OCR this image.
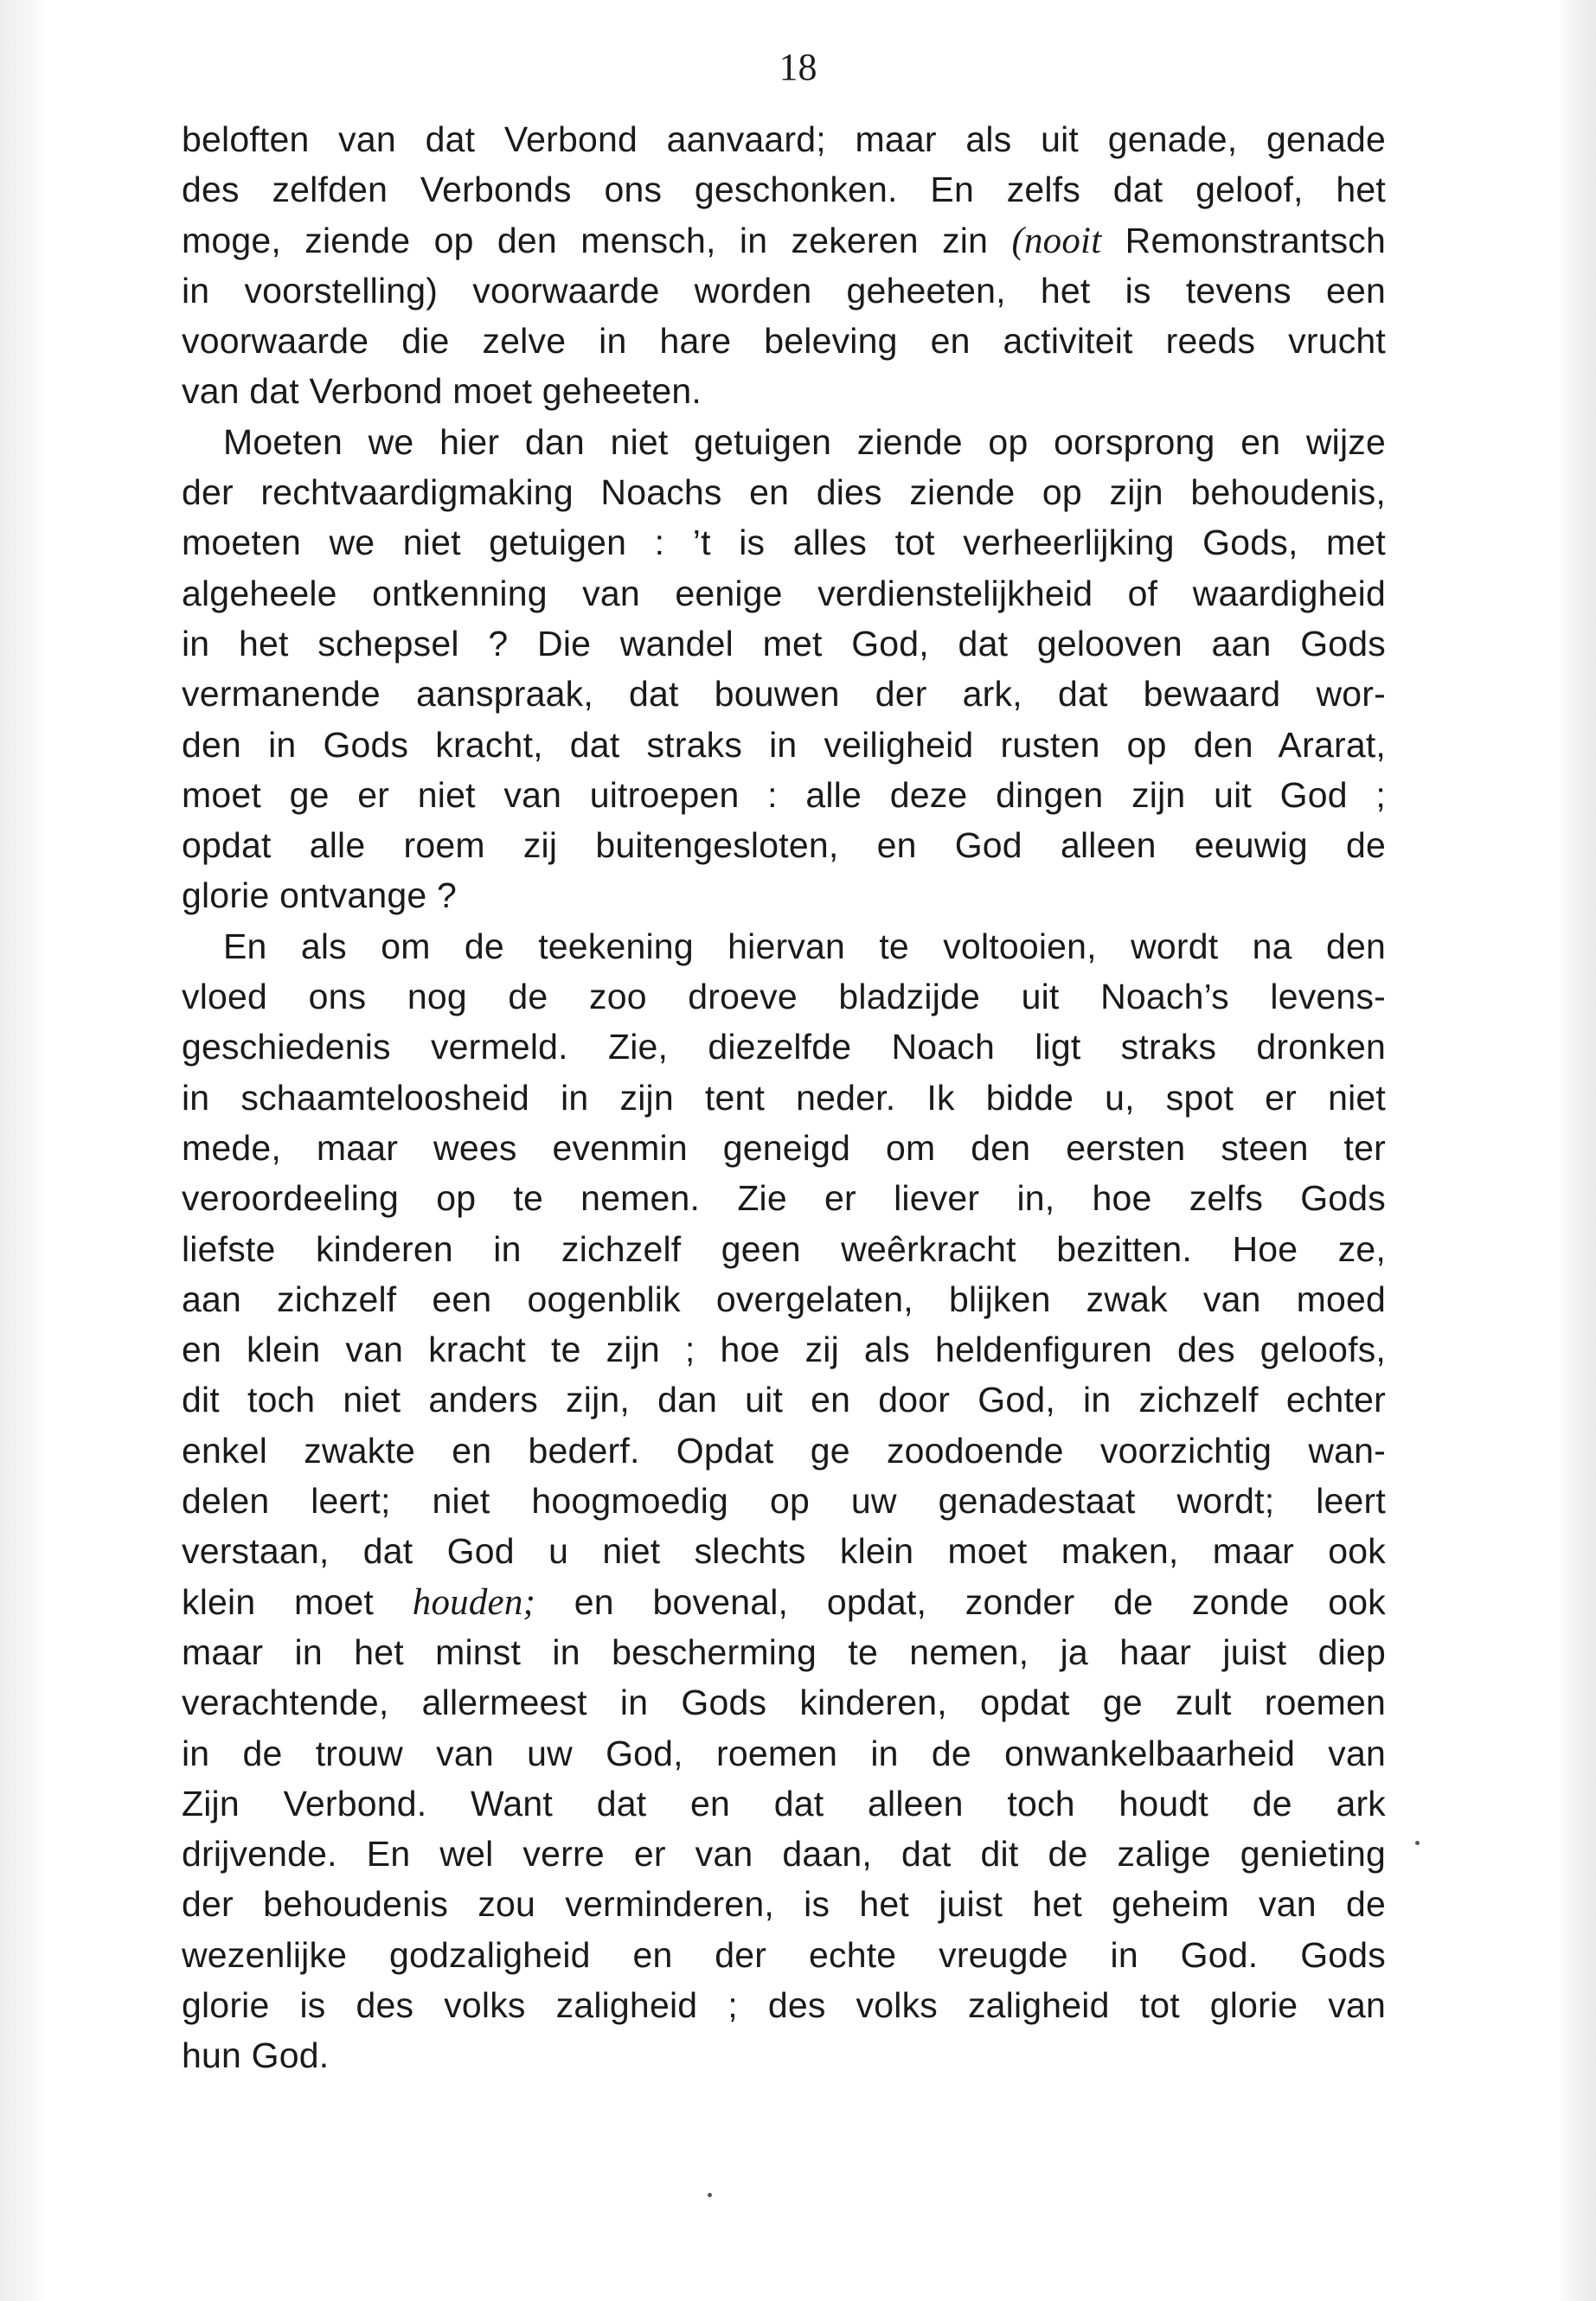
18
beloften van dat Verbond aanvaard; maar als uit genade, genade
des zelfden Verbonds ons geschonken. En zelfs dat geloof, het
moge, ziende op den mensch, in zekeren zin (nooit Remonstrantsch
in voorstelling) voorwaarde worden geheeten, het is tevens een
voorwaarde die zelve in hare beleving en activiteit reeds vrucht
van dat Verbond moet geheeten.
Moeten we hier dan niet getuigen ziende op oorsprong en wijze
der rechtvaardigmaking Noachs en dies ziende op zijn behoudenis,
moeten we niet getuigen : ’t is alles tot verheerlijking Gods, met
algeheele ontkenning van eenige verdienstelijkheid of waardigheid
in het schepsel ? Die wandel met God, dat gelooven aan Gods
vermanende aanspraak, dat bouwen der ark, dat bewaard wor-
den in Gods kracht, dat straks in veiligheid rusten op den Ararat,
moet ge er niet van uitroepen : alle deze dingen zijn uit God ;
opdat alle roem zij buitengesloten, en God alleen eeuwig de
glorie ontvange ?
En als om de teekening hiervan te voltooien, wordt na den
vloed ons nog de zoo droeve bladzijde uit Noach’s levens-
geschiedenis vermeld. Zie, diezelfde Noach ligt straks dronken
in schaamteloosheid in zijn tent neder. Ik bidde u, spot er niet
mede, maar wees evenmin geneigd om den eersten steen ter
veroordeeling op te nemen. Zie er liever in, hoe zelfs Gods
liefste kinderen in zichzelf geen weêrkracht bezitten. Hoe ze,
aan zichzelf een oogenblik overgelaten, blijken zwak van moed
en klein van kracht te zijn ; hoe zij als heldenfiguren des geloofs,
dit toch niet anders zijn, dan uit en door God, in zichzelf echter
enkel zwakte en bederf. Opdat ge zoodoende voorzichtig wan-
delen leert; niet hoogmoedig op uw genadestaat wordt; leert
verstaan, dat God u niet slechts klein moet maken, maar ook
klein moet houden; en bovenal, opdat, zonder de zonde ook
maar in het minst in bescherming te nemen, ja haar juist diep
verachtende, allermeest in Gods kinderen, opdat ge zult roemen
in de trouw van uw God, roemen in de onwankelbaarheid van
Zijn Verbond. Want dat en dat alleen toch houdt de ark
drijvende. En wel verre er van daan, dat dit de zalige genieting
der behoudenis zou verminderen, is het juist het geheim van de
wezenlijke godzaligheid en der echte vreugde in God. Gods
glorie is des volks zaligheid ; des volks zaligheid tot glorie van
hun God.
